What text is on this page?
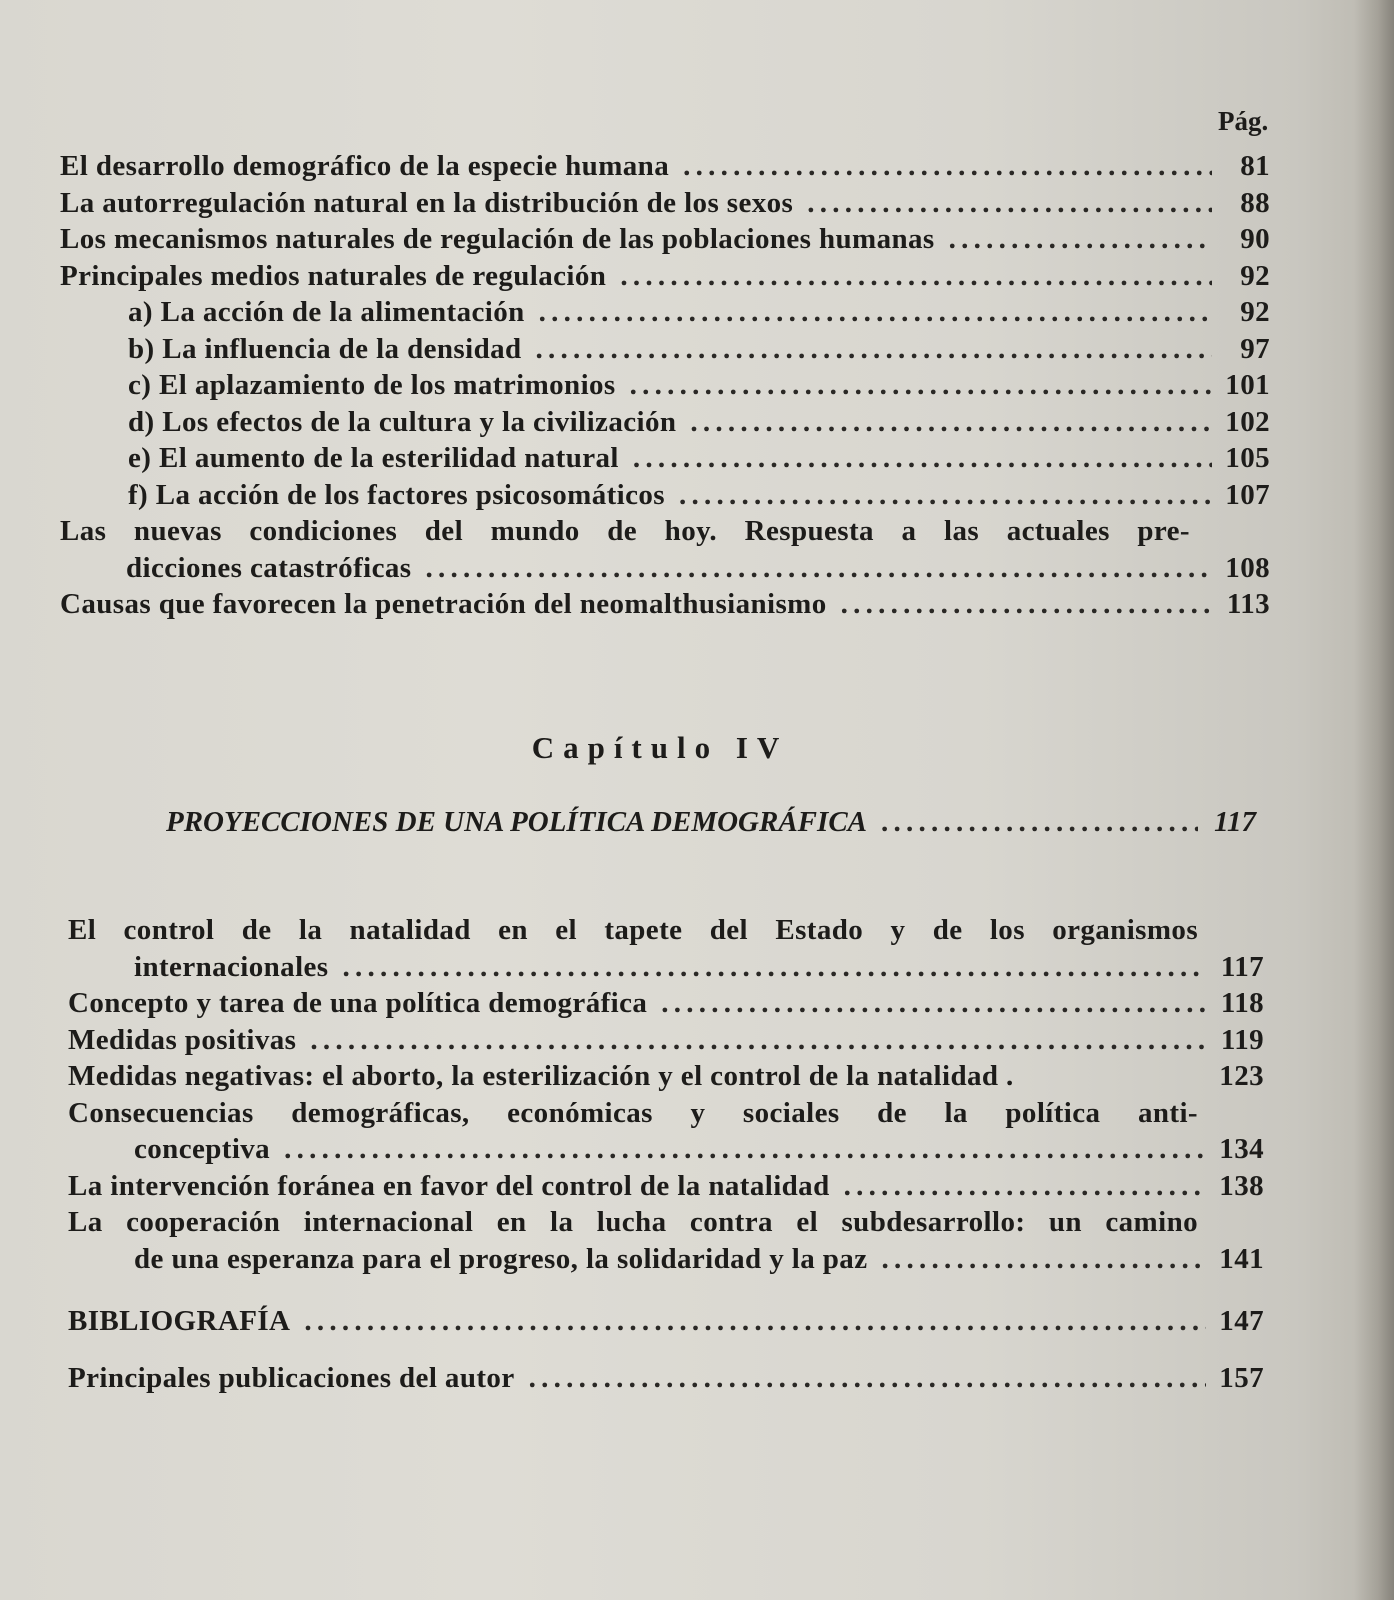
Pág.
El desarrollo demográfico de la especie humana . . .	81
La autorregulación natural en la distribución de los sexos . . .	88
Los mecanismos naturales de regulación de las poblaciones humanas . . .	90
Principales medios naturales de regulación . . .	92
a) La acción de la alimentación . . .	92
b) La influencia de la densidad . . .	97
c) El aplazamiento de los matrimonios . . .	101
d) Los efectos de la cultura y la civilización . . .	102
e) El aumento de la esterilidad natural . . .	105
f) La acción de los factores psicosomáticos . . .	107
Las nuevas condiciones del mundo de hoy. Respuesta a las actuales pre-
dicciones catastróficas . . .	108
Causas que favorecen la penetración del neomalthusianismo . . .	113
Capítulo IV
PROYECCIONES DE UNA POLÍTICA DEMOGRÁFICA . . .	117
El control de la natalidad en el tapete del Estado y de los organismos
internacionales . . .	117
Concepto y tarea de una política demográfica . . .	118
Medidas positivas . . .	119
Medidas negativas: el aborto, la esterilización y el control de la natalidad .	123
Consecuencias demográficas, económicas y sociales de la política anti-
conceptiva . . .	134
La intervención foránea en favor del control de la natalidad . . .	138
La cooperación internacional en la lucha contra el subdesarrollo: un camino
de una esperanza para el progreso, la solidaridad y la paz . . .	141
BIBLIOGRAFÍA . . .	147
Principales publicaciones del autor . . .	157
